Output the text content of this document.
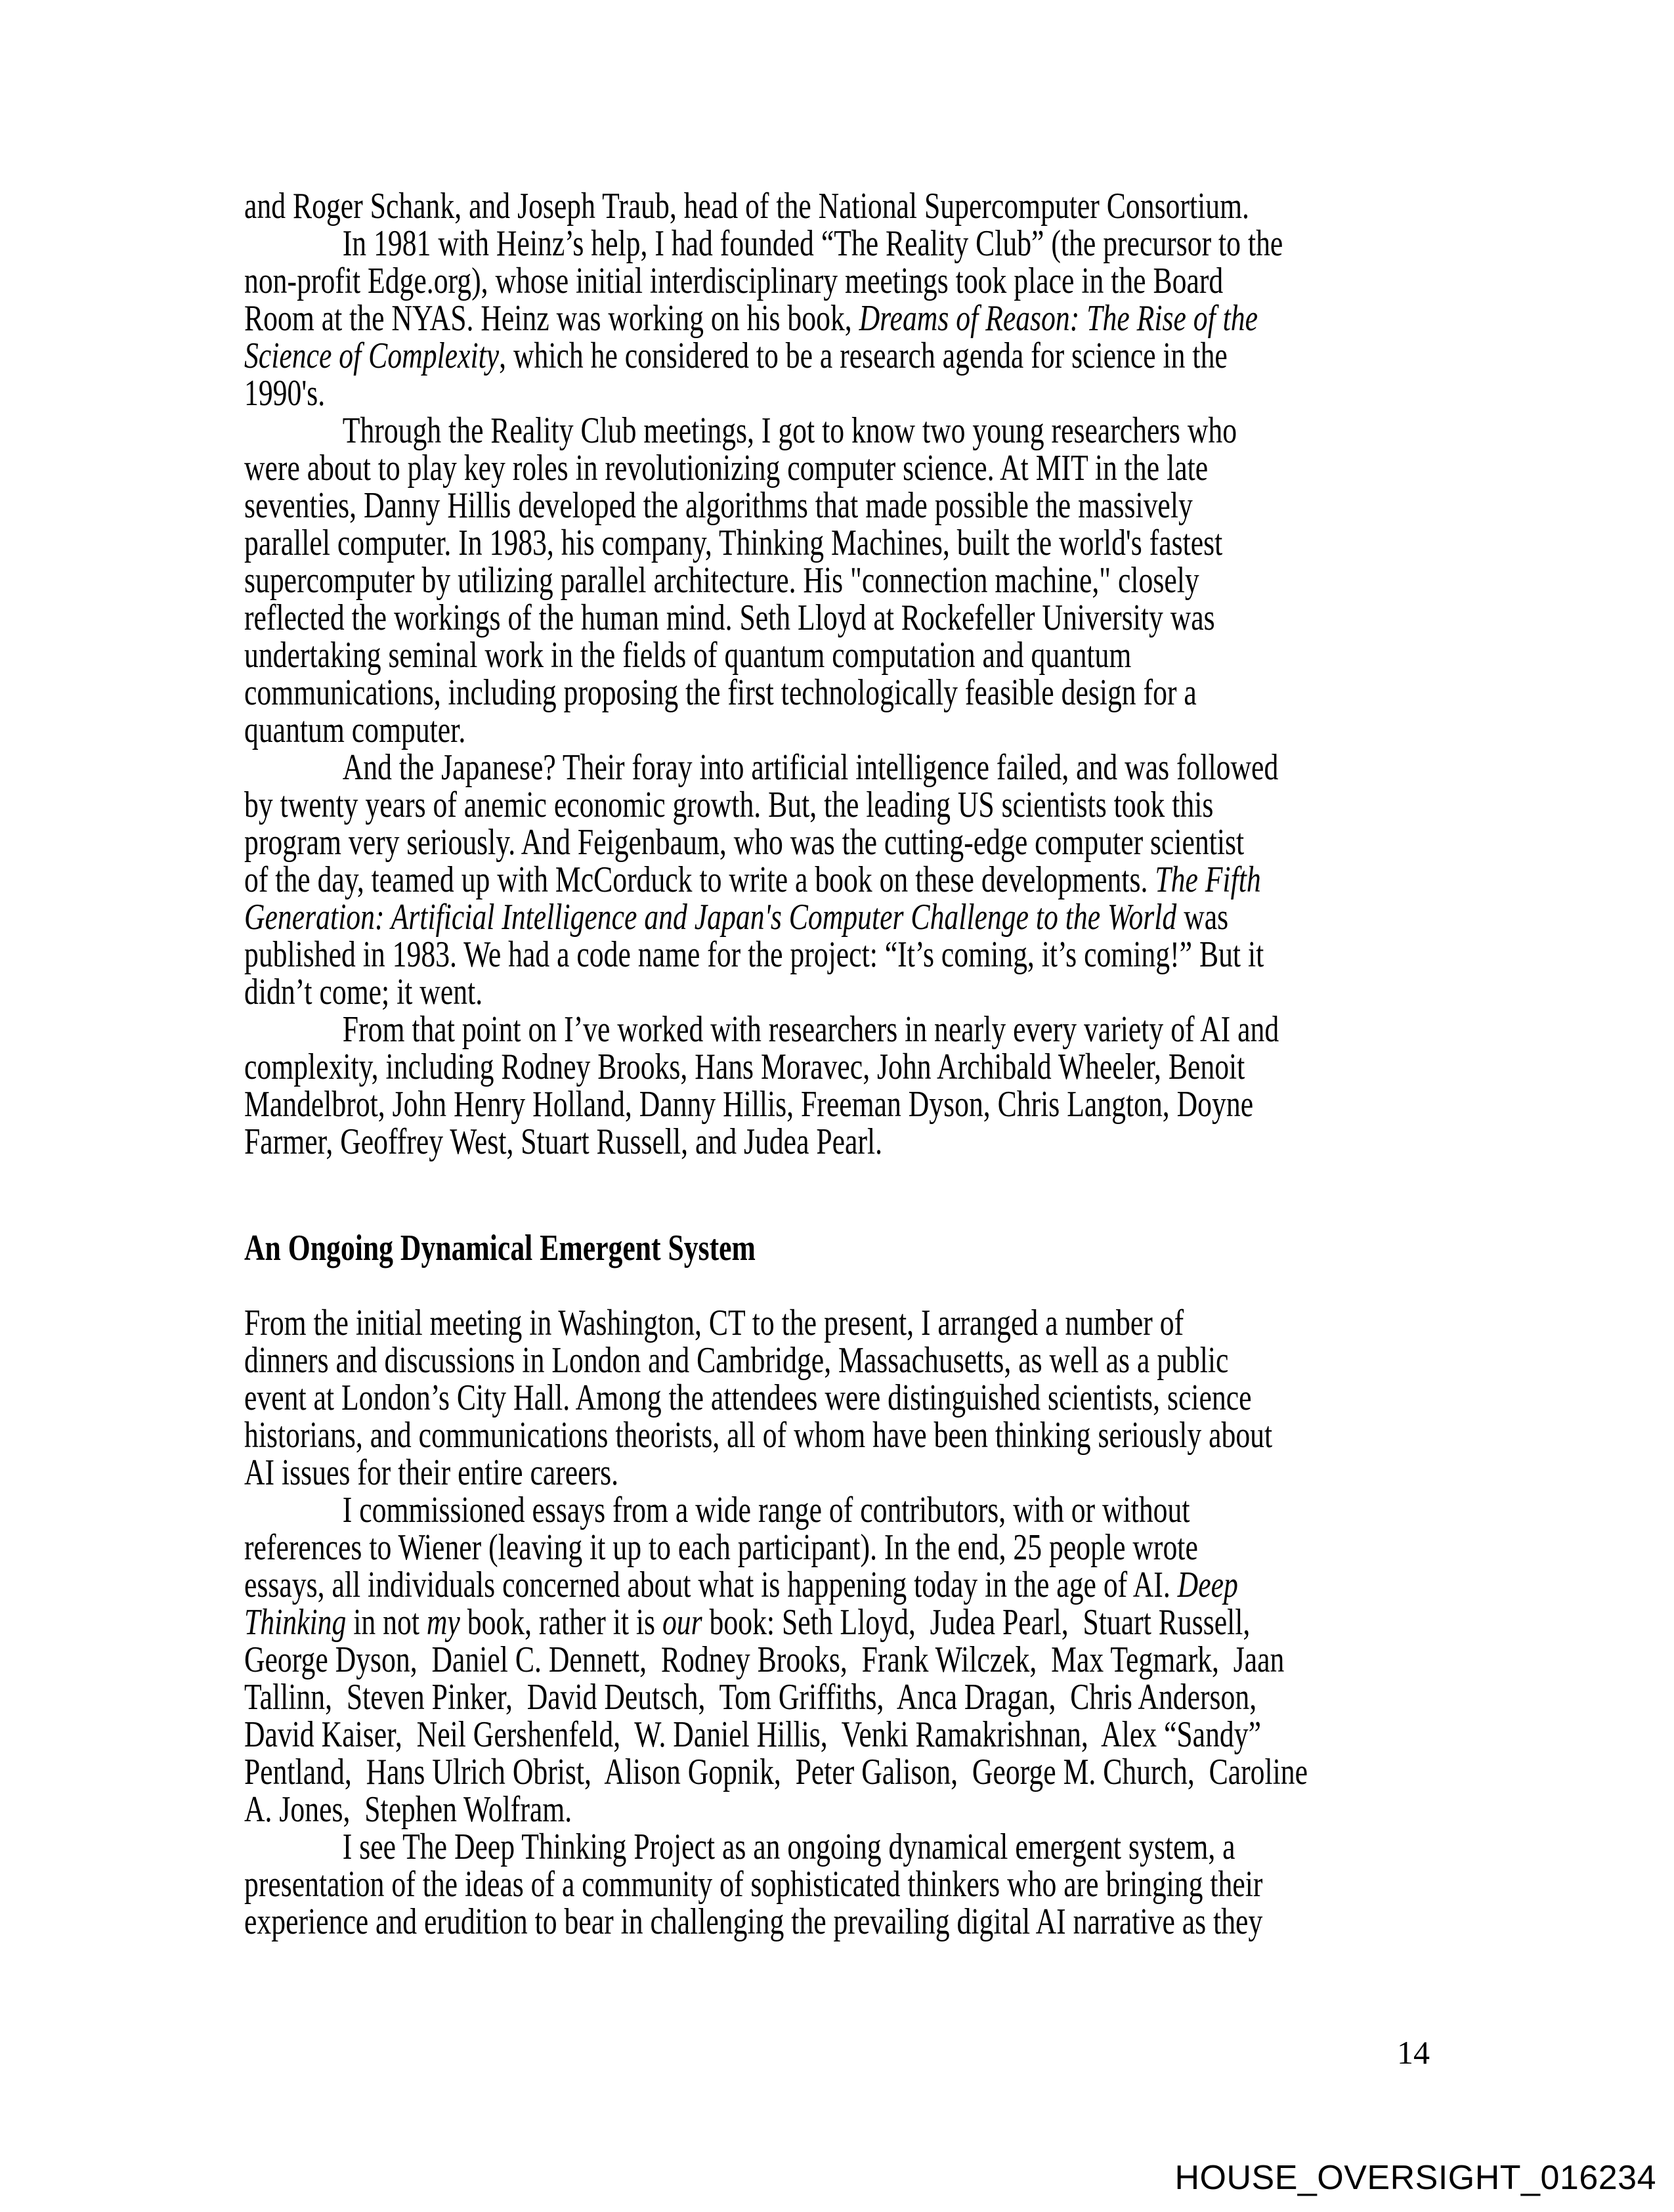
and Roger Schank, and Joseph Traub, head of the National Supercomputer Consortium.

In 1981 with Heinz’s help, I had founded “The Reality Club” (the precursor to the
non-profit Edge.org), whose initial interdisciplinary meetings took place in the Board
Room at the NYAS. Heinz was working on his book, Dreams of Reason: The Rise of the
Science of Complexity, which he considered to be a research agenda for science in the
1990's.

Through the Reality Club meetings, I got to know two young researchers who
were about to play key roles in revolutionizing computer science. At MIT in the late
seventies, Danny Hillis developed the algorithms that made possible the massively
parallel computer. In 1983, his company, Thinking Machines, built the world's fastest
supercomputer by utilizing parallel architecture. His "connection machine," closely
reflected the workings of the human mind. Seth Lloyd at Rockefeller University was
undertaking seminal work in the fields of quantum computation and quantum
communications, including proposing the first technologically feasible design for a
quantum computer.

And the Japanese? Their foray into artificial intelligence failed, and was followed
by twenty years of anemic economic growth. But, the leading US scientists took this
program very seriously. And Feigenbaum, who was the cutting-edge computer scientist
of the day, teamed up with McCorduck to write a book on these developments. The Fifth
Generation: Artificial Intelligence and Japan's Computer Challenge to the World was
published in 1983. We had a code name for the project: “It’s coming, it’s coming!” But it
didn’t come; it went.

From that point on I’ve worked with researchers in nearly every variety of AI and
complexity, including Rodney Brooks, Hans Moravec, John Archibald Wheeler, Benoit
Mandelbrot, John Henry Holland, Danny Hillis, Freeman Dyson, Chris Langton, Doyne
Farmer, Geoffrey West, Stuart Russell, and Judea Pearl.

An Ongoing Dynamical Emergent System

From the initial meeting in Washington, CT to the present, I arranged a number of
dinners and discussions in London and Cambridge, Massachusetts, as well as a public
event at London’s City Hall. Among the attendees were distinguished scientists, science
historians, and communications theorists, all of whom have been thinking seriously about
AI issues for their entire careers.

I commissioned essays from a wide range of contributors, with or without
references to Wiener (leaving it up to each participant). In the end, 25 people wrote
essays, all individuals concerned about what is happening today in the age of AI. Deep
Thinking in not my book, rather it is our book: Seth Lloyd,  Judea Pearl,  Stuart Russell,
George Dyson,  Daniel C. Dennett,  Rodney Brooks,  Frank Wilczek,  Max Tegmark,  Jaan
Tallinn,  Steven Pinker,  David Deutsch,  Tom Griffiths,  Anca Dragan,  Chris Anderson,
David Kaiser,  Neil Gershenfeld,  W. Daniel Hillis,  Venki Ramakrishnan,  Alex “Sandy”
Pentland,  Hans Ulrich Obrist,  Alison Gopnik,  Peter Galison,  George M. Church,  Caroline
A. Jones,  Stephen Wolfram.

I see The Deep Thinking Project as an ongoing dynamical emergent system, a
presentation of the ideas of a community of sophisticated thinkers who are bringing their
experience and erudition to bear in challenging the prevailing digital AI narrative as they

14
HOUSE_OVERSIGHT_016234
